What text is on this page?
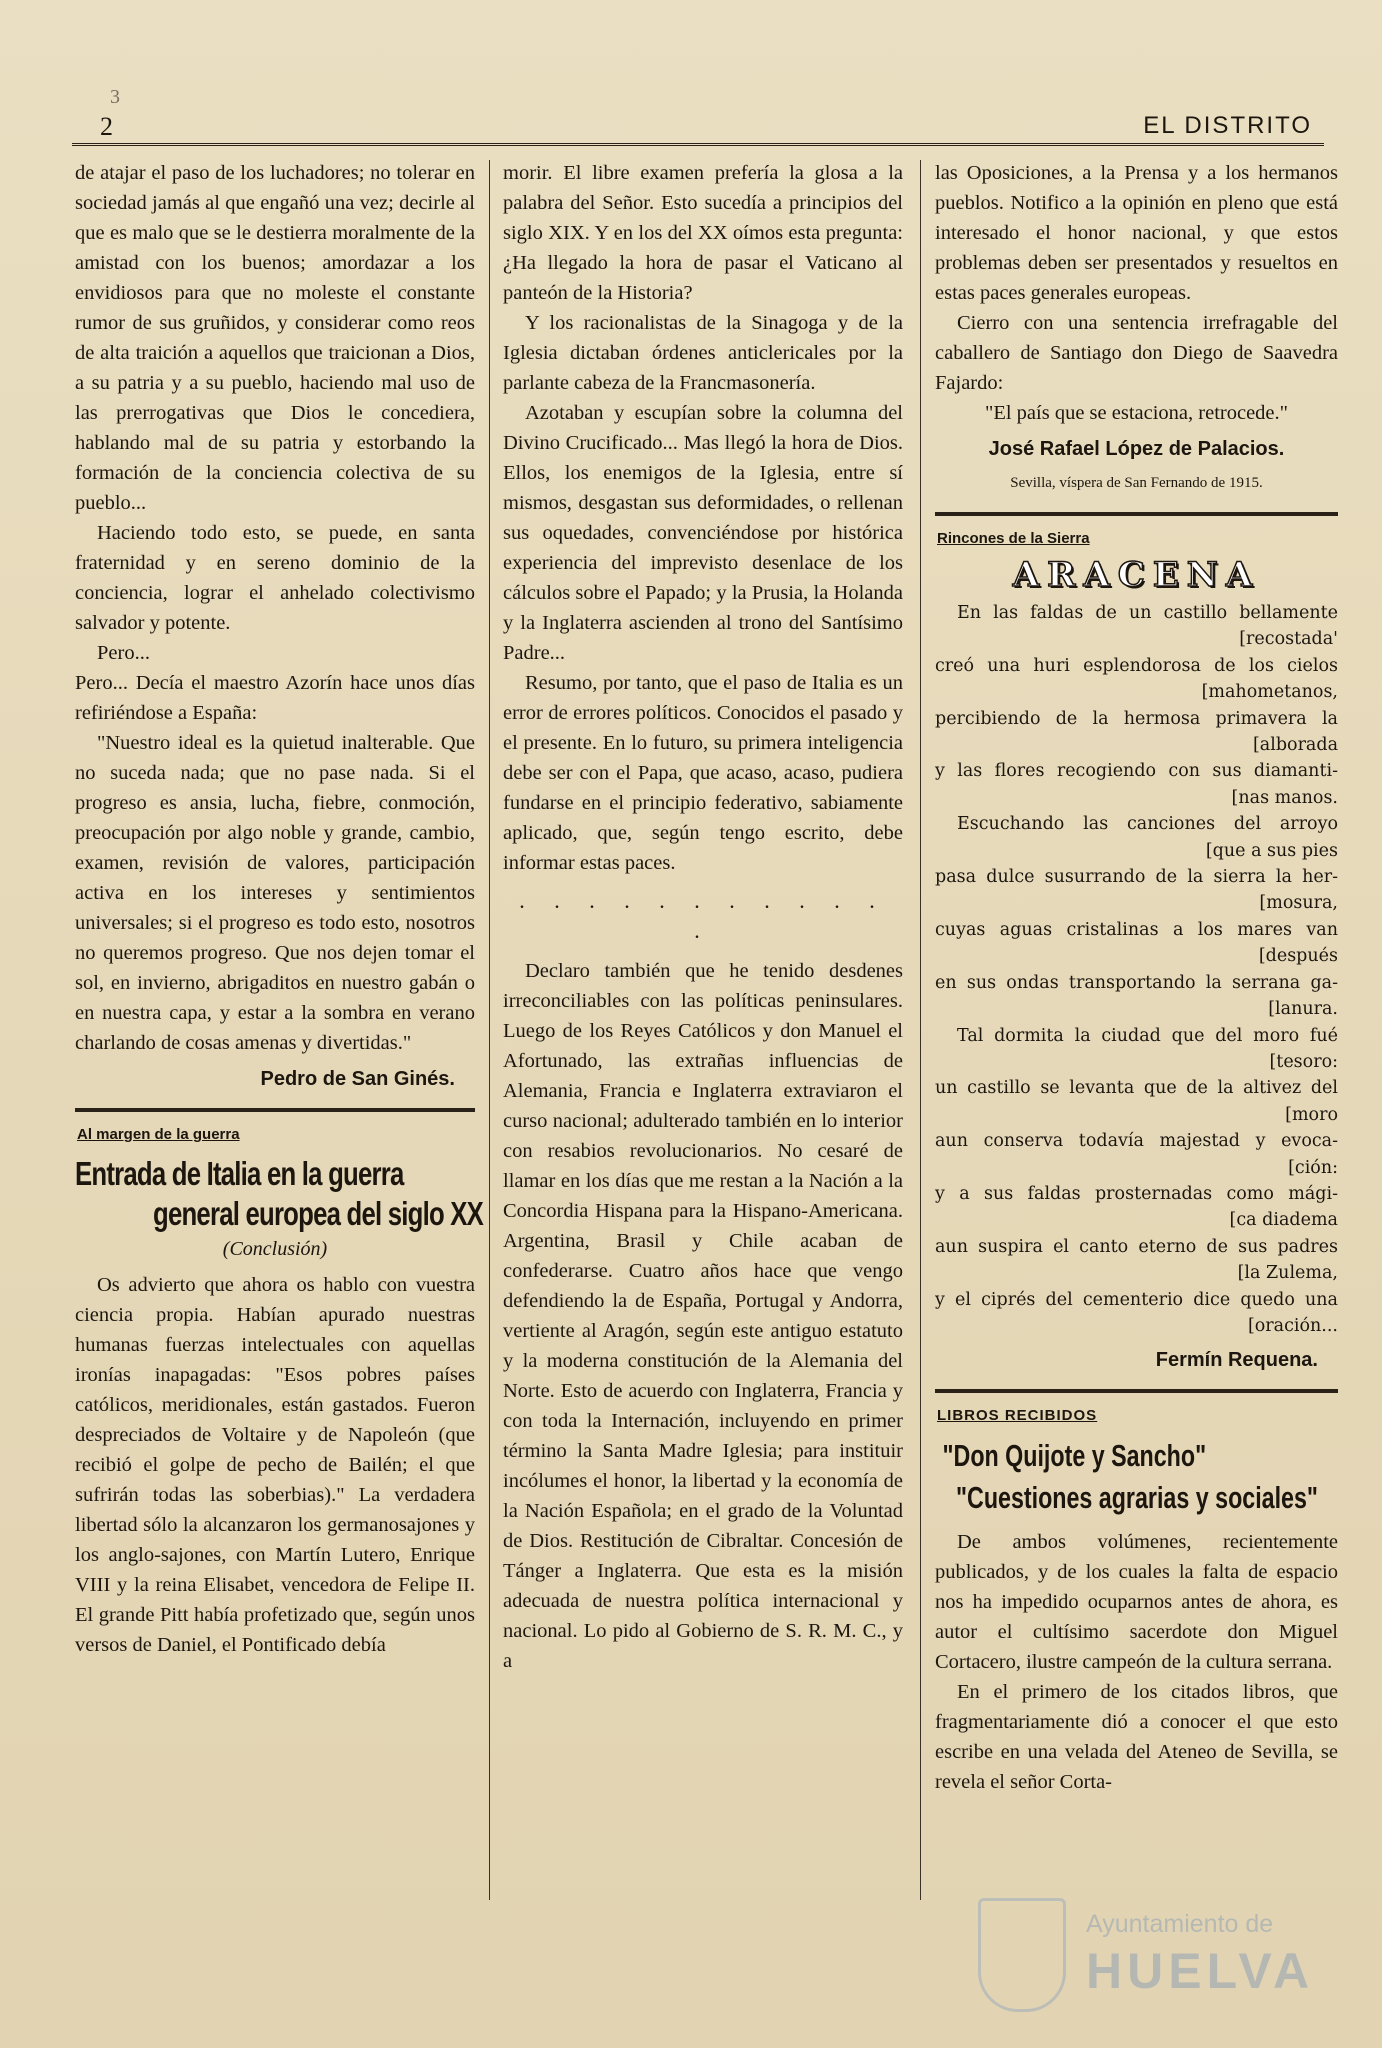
3
2	EL DISTRITO

de atajar el paso de los luchadores; no tolerar en sociedad jamás al que engañó una vez; decirle al que es malo que se le destierra moralmente de la amistad con los buenos; amordazar a los envidiosos para que no moleste el constante rumor de sus gruñidos, y considerar como reos de alta traición a aquellos que traicionan a Dios, a su patria y a su pueblo, haciendo mal uso de las prerrogativas que Dios le concediera, hablando mal de su patria y estorbando la formación de la conciencia colectiva de su pueblo...

Haciendo todo esto, se puede, en santa fraternidad y en sereno dominio de la conciencia, lograr el anhelado colectivismo salvador y potente.

Pero...

Pero... Decía el maestro Azorín hace unos días refiriéndose a España:

"Nuestro ideal es la quietud inalterable. Que no suceda nada; que no pase nada. Si el progreso es ansia, lucha, fiebre, conmoción, preocupación por algo noble y grande, cambio, examen, revisión de valores, participación activa en los intereses y sentimientos universales; si el progreso es todo esto, nosotros no queremos progreso. Que nos dejen tomar el sol, en invierno, abrigaditos en nuestro gabán o en nuestra capa, y estar a la sombra en verano charlando de cosas amenas y divertidas."

Pedro de San Ginés.
Al margen de la guerra
Entrada de Italia en la guerra
general europea del siglo XX
(Conclusión)

Os advierto que ahora os hablo con vuestra ciencia propia. Habían apurado nuestras humanas fuerzas intelectuales con aquellas ironías inapagadas: "Esos pobres países católicos, meridionales, están gastados. Fueron despreciados de Voltaire y de Napoleón (que recibió el golpe de pecho de Bailén; el que sufrirán todas las soberbias)." La verdadera libertad sólo la alcanzaron los germanosajones y los anglo-sajones, con Martín Lutero, Enrique VIII y la reina Elisabet, vencedora de Felipe II. El grande Pitt había profetizado que, según unos versos de Daniel, el Pontificado debía

morir. El libre examen prefería la glosa a la palabra del Señor. Esto sucedía a principios del siglo XIX. Y en los del XX oímos esta pregunta: ¿Ha llegado la hora de pasar el Vaticano al panteón de la Historia?

Y los racionalistas de la Sinagoga y de la Iglesia dictaban órdenes anticlericales por la parlante cabeza de la Francmasonería.

Azotaban y escupían sobre la columna del Divino Crucificado... Mas llegó la hora de Dios. Ellos, los enemigos de la Iglesia, entre sí mismos, desgastan sus deformidades, o rellenan sus oquedades, convenciéndose por histórica experiencia del imprevisto desenlace de los cálculos sobre el Papado; y la Prusia, la Holanda y la Inglaterra ascienden al trono del Santísimo Padre...

Resumo, por tanto, que el paso de Italia es un error de errores políticos. Conocidos el pasado y el presente. En lo futuro, su primera inteligencia debe ser con el Papa, que acaso, acaso, pudiera fundarse en el principio federativo, sabiamente aplicado, que, según tengo escrito, debe informar estas paces.

. . . . . . . . . . . .

Declaro también que he tenido desdenes irreconciliables con las políticas peninsulares. Luego de los Reyes Católicos y don Manuel el Afortunado, las extrañas influencias de Alemania, Francia e Inglaterra extraviaron el curso nacional; adulterado también en lo interior con resabios revolucionarios. No cesaré de llamar en los días que me restan a la Nación a la Concordia Hispana para la Hispano-Americana. Argentina, Brasil y Chile acaban de confederarse. Cuatro años hace que vengo defendiendo la de España, Portugal y Andorra, vertiente al Aragón, según este antiguo estatuto y la moderna constitución de la Alemania del Norte. Esto de acuerdo con Inglaterra, Francia y con toda la Internación, incluyendo en primer término la Santa Madre Iglesia; para instituir incólumes el honor, la libertad y la economía de la Nación Española; en el grado de la Voluntad de Dios. Restitución de Cibraltar. Concesión de Tánger a Inglaterra. Que esta es la misión adecuada de nuestra política internacional y nacional. Lo pido al Gobierno de S. R. M. C., y a

las Oposiciones, a la Prensa y a los hermanos pueblos. Notifico a la opinión en pleno que está interesado el honor nacional, y que estos problemas deben ser presentados y resueltos en estas paces generales europeas.

Cierro con una sentencia irrefragable del caballero de Santiago don Diego de Saavedra Fajardo:

"El país que se estaciona, retrocede."

José Rafael López de Palacios.
Sevilla, víspera de San Fernando de 1915.
Rincones de la Sierra
ARACENA
En las faldas de un castillo bellamente
[recostada'
creó una huri esplendorosa de los cielos
[mahometanos,
percibiendo de la hermosa primavera la
[alborada
y las flores recogiendo con sus diamanti-
[nas manos.
Escuchando las canciones del arroyo
[que a sus pies
pasa dulce susurrando de la sierra la her-
[mosura,
cuyas aguas cristalinas a los mares van
[después
en sus ondas transportando la serrana ga-
[lanura.
Tal dormita la ciudad que del moro fué
[tesoro:
un castillo se levanta que de la altivez del
[moro
aun conserva todavía majestad y evoca-
[ción:
y a sus faldas prosternadas como mági-
[ca diadema
aun suspira el canto eterno de sus padres
[la Zulema,
y el ciprés del cementerio dice quedo una
[oración...
Fermín Requena.
LIBROS RECIBIDOS
"Don Quijote y Sancho"
"Cuestiones agrarias y sociales"

De ambos volúmenes, recientemente publicados, y de los cuales la falta de espacio nos ha impedido ocuparnos antes de ahora, es autor el cultísimo sacerdote don Miguel Cortacero, ilustre campeón de la cultura serrana.

En el primero de los citados libros, que fragmentariamente dió a conocer el que esto escribe en una velada del Ateneo de Sevilla, se revela el señor Corta-

Ayuntamiento de
HUELVA
